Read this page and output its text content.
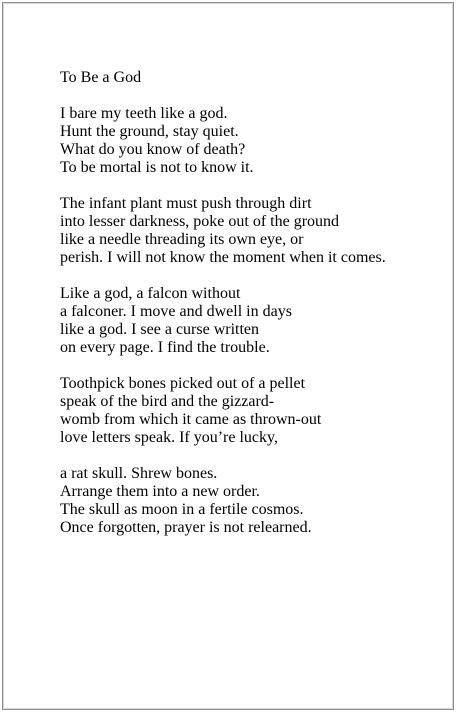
To Be a God
I bare my teeth like a god.
Hunt the ground, stay quiet.
What do you know of death?
To be mortal is not to know it.
The infant plant must push through dirt
into lesser darkness, poke out of the ground
like a needle threading its own eye, or
perish. I will not know the moment when it comes.
Like a god, a falcon without
a falconer. I move and dwell in days
like a god. I see a curse written
on every page. I find the trouble.
Toothpick bones picked out of a pellet
speak of the bird and the gizzard-
womb from which it came as thrown-out
love letters speak. If you’re lucky,
a rat skull. Shrew bones.
Arrange them into a new order.
The skull as moon in a fertile cosmos.
Once forgotten, prayer is not relearned.
